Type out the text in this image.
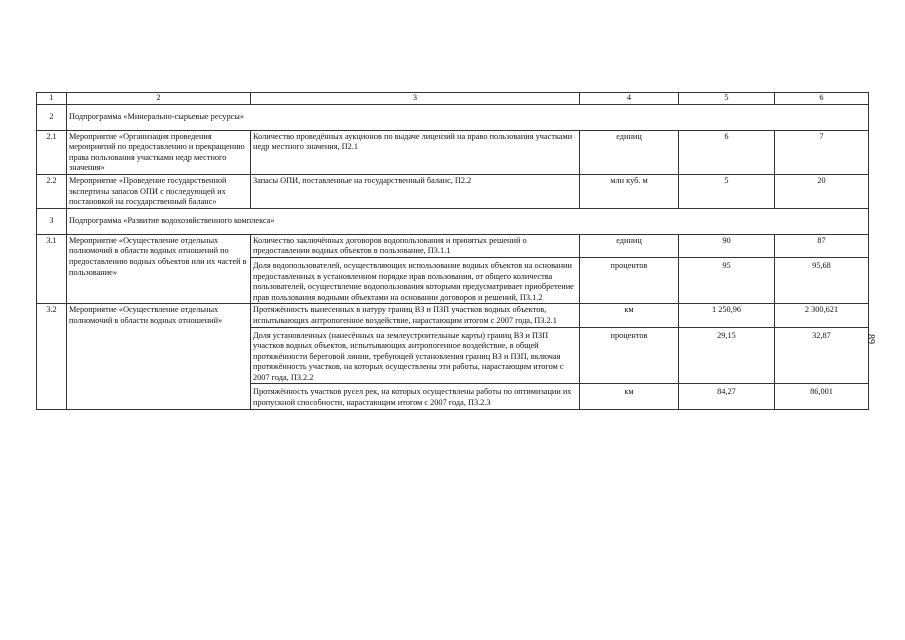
1	2	3	4	5	6
2	Подпрограмма «Минерально-сырьевые ресурсы»				
2.1	Мероприятие «Организация проведения мероприятий по предоставлению и прекращению права пользования участками недр местного значения»	Количество проведённых аукционов по выдаче лицензий на право пользования участками недр местного значения, П2.1	единиц	6	7
2.2	Мероприятие «Проведение государственной экспертизы запасов ОПИ с последующей их постановкой на государственный баланс»	Запасы ОПИ, поставленные на государственный баланс, П2.2	млн куб. м	5	20
3	Подпрограмма «Развитие водохозяйственного комплекса»				
3.1	Мероприятие «Осуществление отдельных полномочий в области водных отношений по предоставлению водных объектов или их частей в пользование»	Количество заключённых договоров водопользования и принятых решений о предоставлении водных объектов в пользование, П3.1.1	единиц	90	87
		Доля водопользователей, осуществляющих использование водных объектов на основании предоставленных в установленном порядке прав пользования, от общего количества пользователей, осуществление водопользования которыми предусматривает приобретение прав пользования водными объектами на основании договоров и решений, П3.1.2	процентов	95	95,68
3.2	Мероприятие «Осуществление отдельных полномочий в области водных отношений»	Протяжённость вынесенных в натуру границ ВЗ и ПЗП участков водных объектов, испытывающих антропогенное воздействие, нарастающим итогом с 2007 года, П3.2.1	км	1 250,96	2 300,621
		Доля установленных (нанесённых на землеустроительные карты) границ ВЗ и ПЗП участков водных объектов, испытывающих антропогенное воздействие, в общей протяжённости береговой линии, требующей установления границ ВЗ и ПЗП, включая протяжённость участков, на которых осуществлены эти работы, нарастающим итогом с 2007 года, П3.2.2	процентов	29,15	32,87
		Протяжённость участков русел рек, на которых осуществлены работы по оптимизации их пропускной способности, нарастающим итогом с 2007 года, П3.2.3	км	84,27	86,001
89
